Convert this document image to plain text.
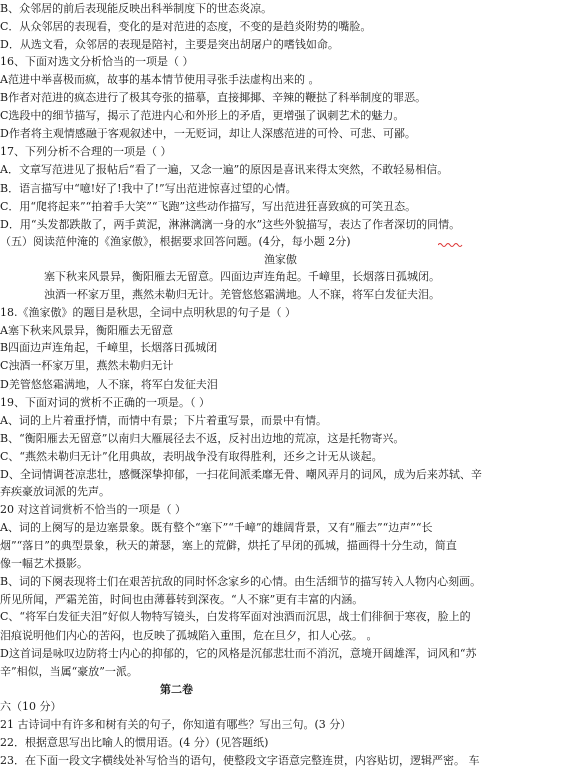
B、众邻居的前后表现能反映出科举制度下的世态炎凉。
C．从众邻居的表现看，变化的是对范进的态度，不变的是趋炎附势的嘴脸。
D．从选文看，众邻居的表现是陪衬，主要是突出胡屠户的嗜钱如命。
16、下面对选文分析恰当的一项是（ ）
A范进中举喜极而疯，故事的基本情节使用寻张手法虚构出来的 。
B作者对范进的疯态进行了极其夸张的描摹，直接揶揶、辛辣的鞭挞了科举制度的罪恶。
C选段中的细节描写，揭示了范进内心和外形上的矛盾，更增强了讽刺艺术的魅力。
D作者将主观情感融于客观叙述中，一无贬词，却让人深感范进的可怜、可悲、可鄙。
17、下列分析不合理的一项是（ ）
A．文章写范进见了报帖后“看了一遍，又念一遍”的原因是喜讯来得太突然，不敢轻易相信。
B．语言描写中“噫!好了!我中了!”写出范进惊喜过望的心情。
C．用“爬将起来”“拍着手大笑”“飞跑”这些动作描写，写出范进狂喜致疯的可笑丑态。
D．用“头发都跌散了，两手黄泥，淋淋漓漓一身的水”这些外貌描写，表达了作者深切的同情。
（五）阅读范仲淹的《渔家傲》，根据要求回答问题。(4分，每小题 2分)
渔家傲
塞下秋来风景异，衡阳雁去无留意。四面边声连角起。千嶂里，长烟落日孤城闭。
浊酒一杯家万里，燕然未勒归无计。羌管悠悠霜满地。人不寐，将军白发征夫泪。
18.《渔家傲》的题目是秋思，全词中点明秋思的句子是（ ）
A塞下秋来风景异，衡阳雁去无留意
B四面边声连角起，千嶂里，长烟落日孤城闭
C浊酒一杯家万里，燕然未勒归无计
D羌管悠悠霜满地，人不寐，将军白发征夫泪
19、下面对词的赏析不正确的一项是。（ ）
A、词的上片着重抒情，而情中有景；下片着重写景，而景中有情。
B、“衡阳雁去无留意”以南归大雁展径去不返，反衬出边地的荒凉，这是托物寄兴。
C、“燕然未勒归无计”化用典故，表明战争没有取得胜利，还乡之计无从谈起。
D、全词情调苍凉悲壮，感慨深挚抑郁，一扫花间派柔靡无骨、嘲风弄月的词风，成为后来苏轼、辛
弃疾豪放词派的先声。
20 对这首词赏析不恰当的一项是（ ）
A、词的上阕写的是边塞景象。既有整个“塞下”“千嶂”的雄阔背景，又有“雁去”“边声”“长
烟”“落日”的典型景象，秋天的萧瑟，塞上的荒僻，烘托了早闭的孤城，描画得十分生动，简直
像一幅艺术摄影。
B、词的下阕表现将士们在艰苦抗敌的同时怀念家乡的心情。由生活细节的描写转入人物内心刻画。
所见所闻，严霜羌笛，时间也由薄暮转到深夜。“人不寐”更有丰富的内涵。
C、“将军白发征夫泪”好似人物特写镜头，白发将军面对浊酒而沉思，战士们徘徊于寒夜，脸上的
泪痕说明他们内心的苦闷，也反映了孤城陷入重围，危在旦夕，扣人心弦。 。
D这首词是咏叹边防将士内心的抑郁的，它的风格是沉郁悲壮而不消沉，意境开阔雄浑，词风和“苏
辛”相似，当属“豪放”一派。
第二卷
六（10 分）
21 古诗词中有许多和树有关的句子，你知道有哪些？写出三句。(3 分）
22．根据意思写出比喻人的惯用语。(4 分）(见答题纸)
23．在下面一段文字横线处补写恰当的语句，使整段文字语意完整连贯，内容贴切，逻辑严密。 车
